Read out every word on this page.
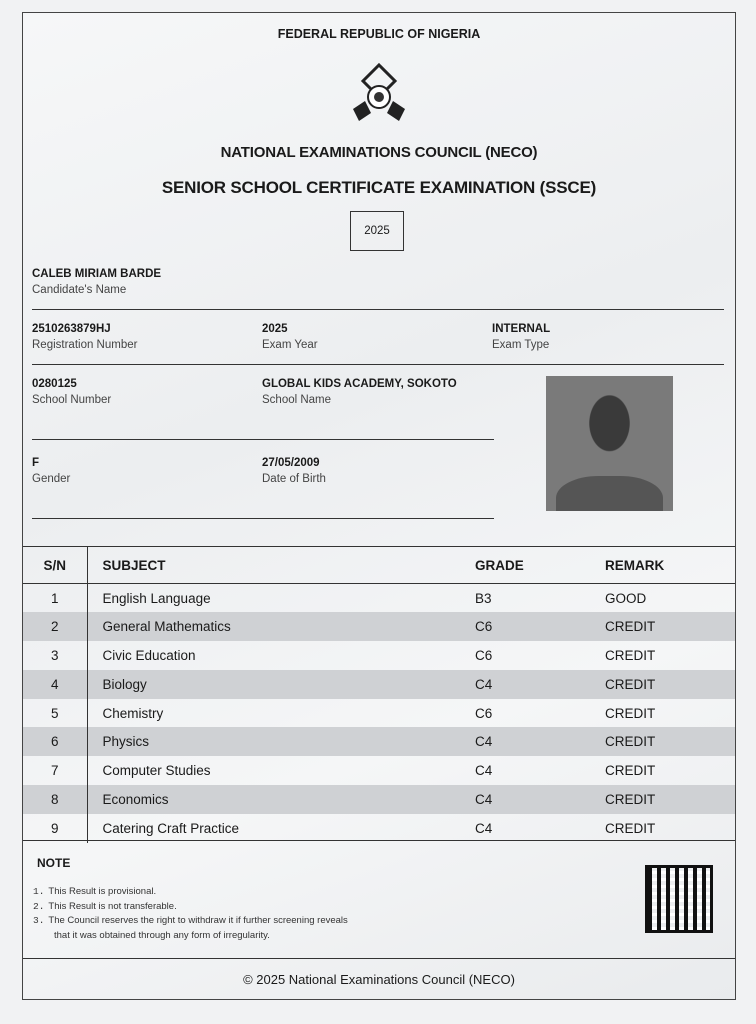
FEDERAL REPUBLIC OF NIGERIA
NATIONAL EXAMINATIONS COUNCIL (NECO)
SENIOR SCHOOL CERTIFICATE EXAMINATION (SSCE)
2025
CALEB MIRIAM BARDE
Candidate's Name
2510263879HJ
Registration Number
2025
Exam Year
INTERNAL
Exam Type
0280125
School Number
GLOBAL KIDS ACADEMY, SOKOTO
School Name
F
Gender
27/05/2009
Date of Birth
S/N	SUBJECT	GRADE	REMARK
1	English Language	B3	GOOD
2	General Mathematics	C6	CREDIT
3	Civic Education	C6	CREDIT
4	Biology	C4	CREDIT
5	Chemistry	C6	CREDIT
6	Physics	C4	CREDIT
7	Computer Studies	C4	CREDIT
8	Economics	C4	CREDIT
9	Catering Craft Practice	C4	CREDIT
NOTE
1. This Result is provisional.
2. This Result is not transferable.
3. The Council reserves the right to withdraw it if further screening reveals
that it was obtained through any form of irregularity.
© 2025 National Examinations Council (NECO)
